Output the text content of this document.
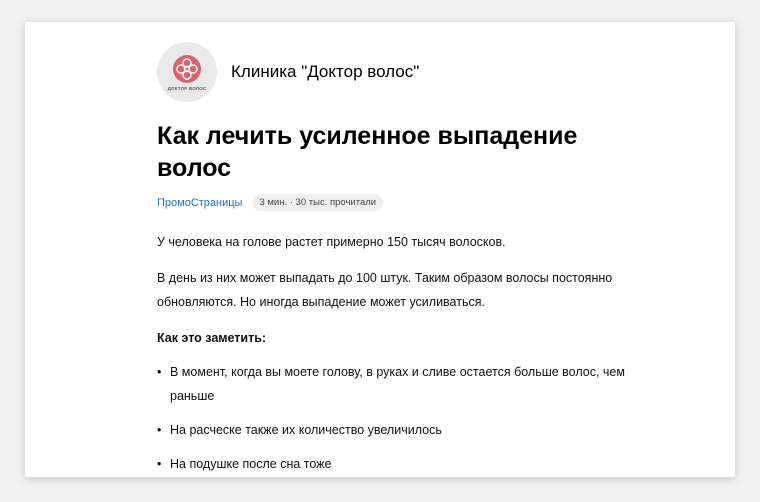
ДОКТОР ВОЛОС
Клиника "Доктор волос"
Как лечить усиленное выпадение волос
ПромоСтраницы	3 мин. · 30 тыс. прочитали

У человека на голове растет примерно 150 тысяч волосков.

В день из них может выпадать до 100 штук. Таким образом волосы постоянно обновляются. Но иногда выпадение может усиливаться.

Как это заметить:

• В момент, когда вы моете голову, в руках и сливе остается больше волос, чем раньше
• На расческе также их количество увеличилось
• На подушке после сна тоже
